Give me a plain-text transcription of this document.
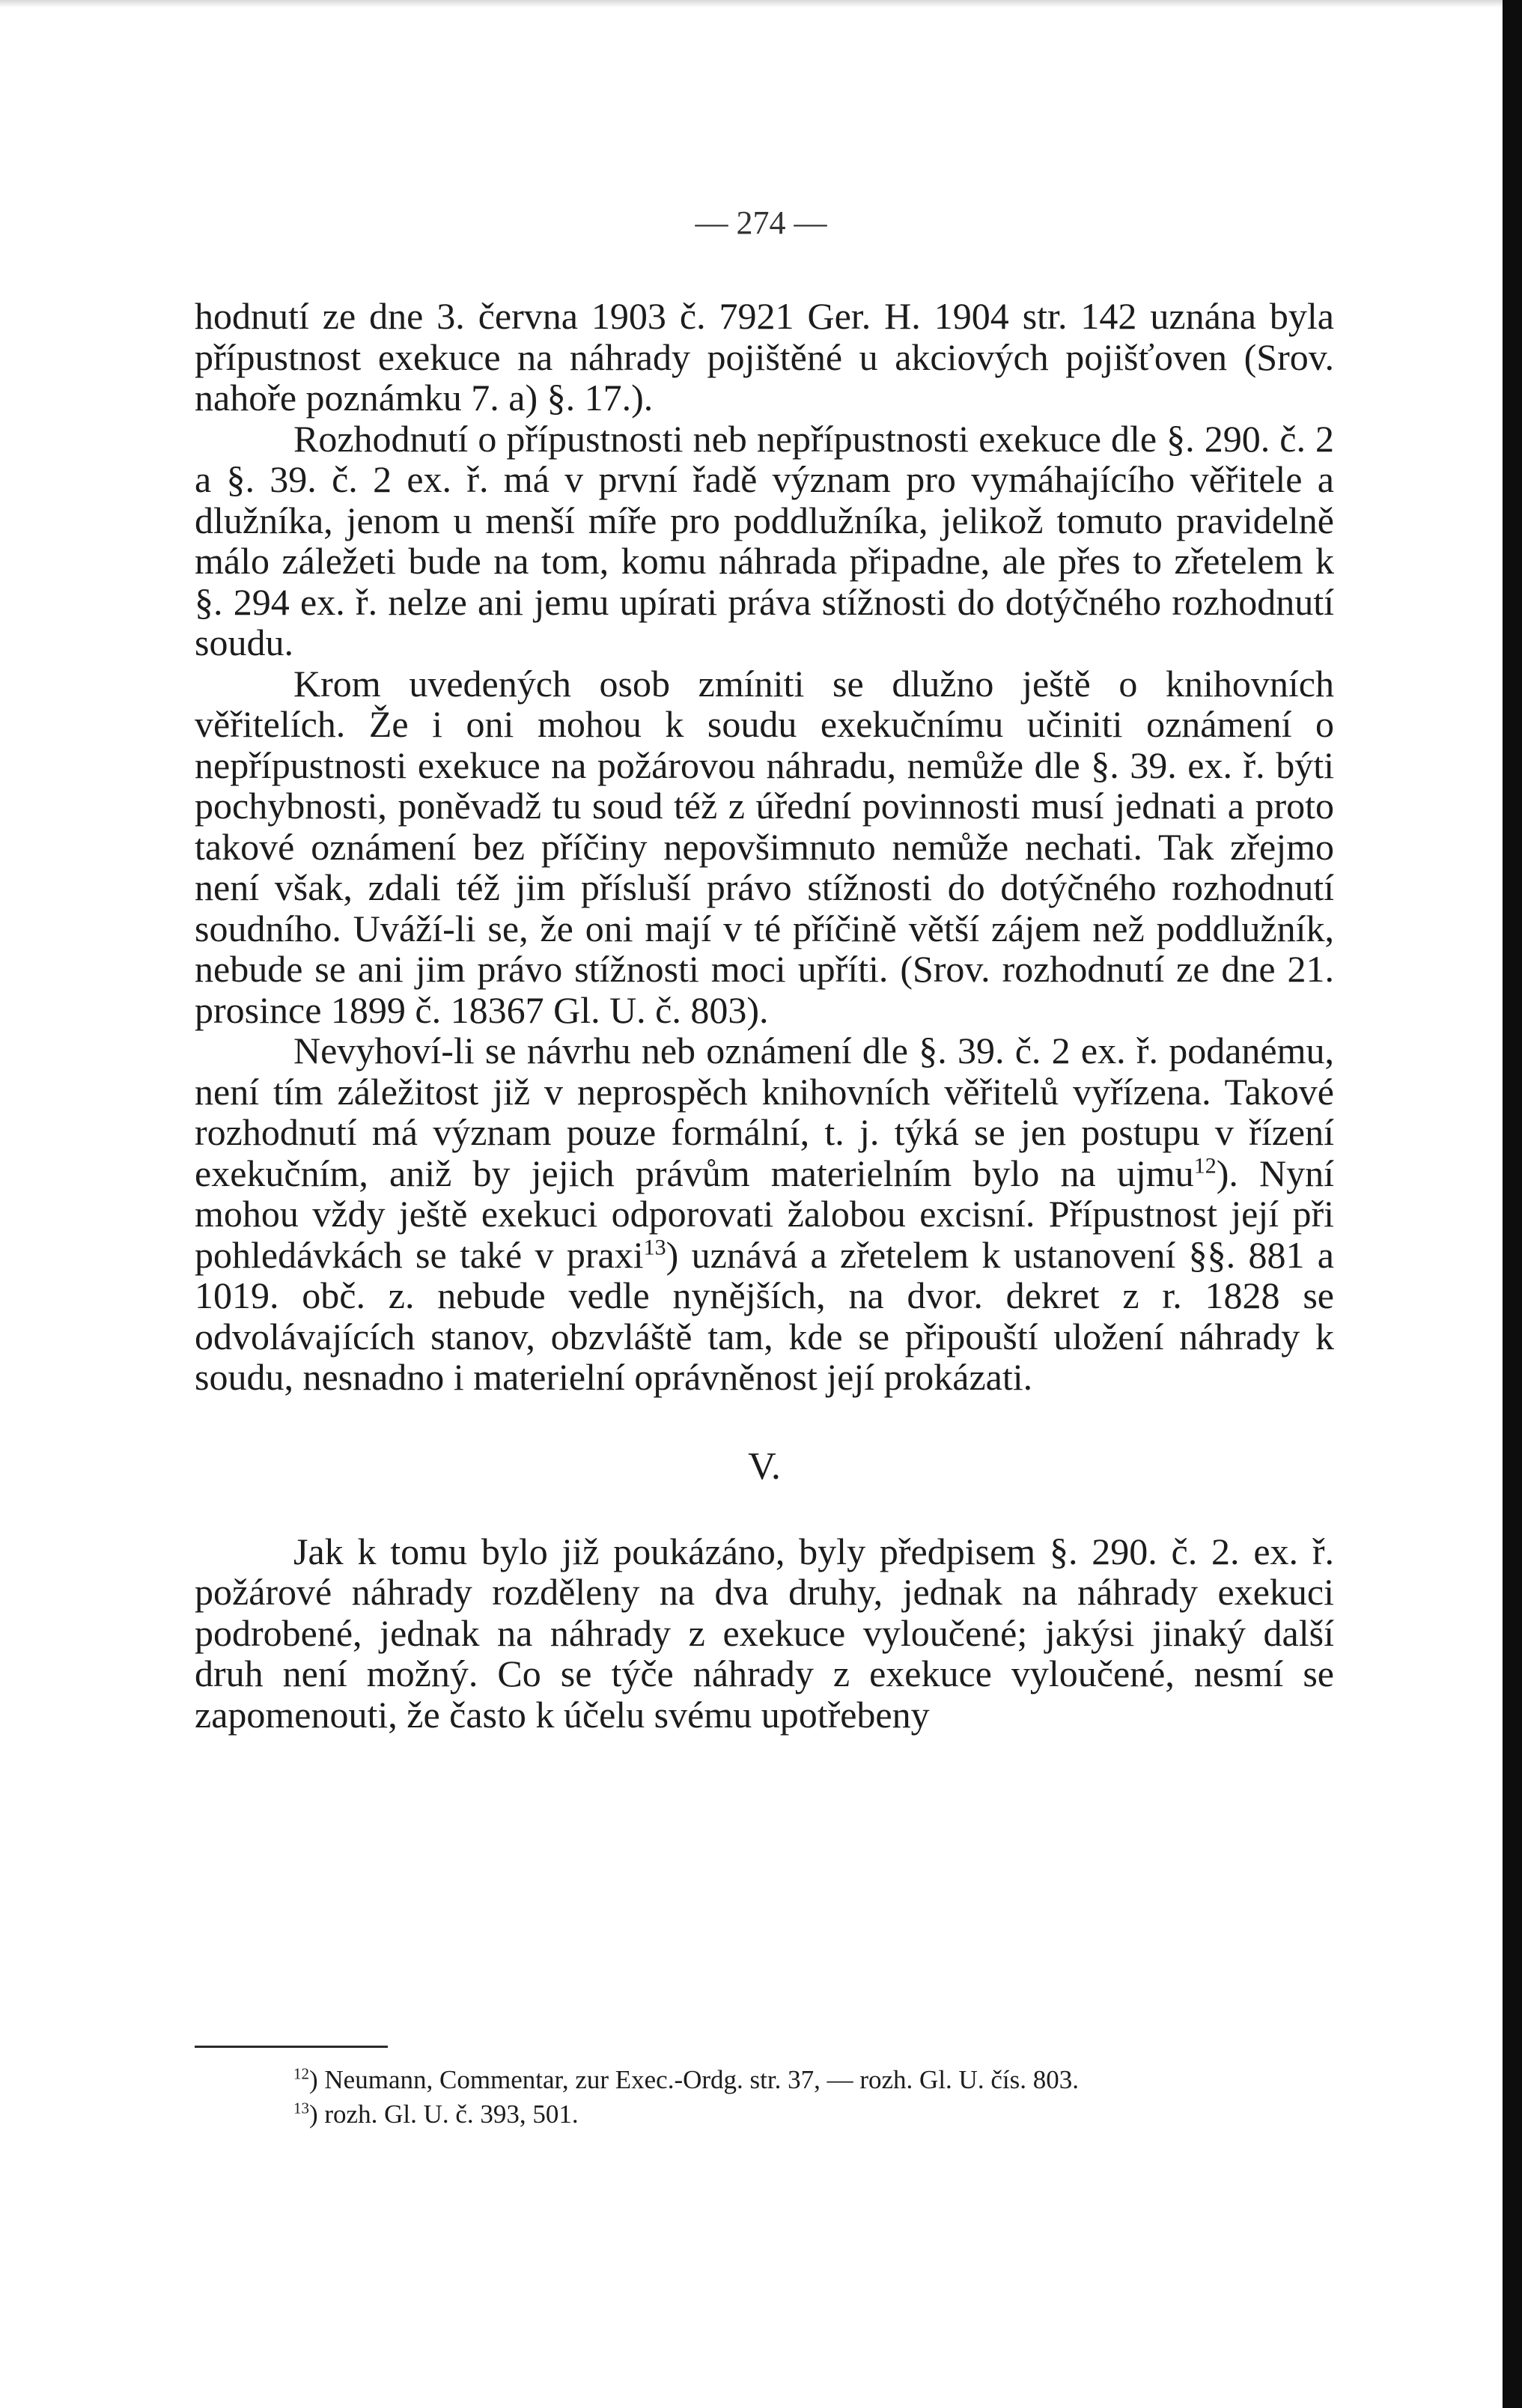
— 274 —

hodnutí ze dne 3. června 1903 č. 7921 Ger. H. 1904 str. 142 uznána byla přípustnost exekuce na náhrady pojištěné u akciových pojišťoven (Srov. nahoře poznámku 7. a) §. 17.).

Rozhodnutí o přípustnosti neb nepřípustnosti exekuce dle §. 290. č. 2 a §. 39. č. 2 ex. ř. má v první řadě význam pro vymáhajícího věřitele a dlužníka, jenom u menší míře pro poddlužníka, jelikož tomuto pravidelně málo záležeti bude na tom, komu náhrada připadne, ale přes to zřetelem k §. 294 ex. ř. nelze ani jemu upírati práva stížnosti do dotýčného rozhodnutí soudu.

Krom uvedených osob zmíniti se dlužno ještě o knihovních věřitelích. Že i oni mohou k soudu exekučnímu učiniti oznámení o nepřípustnosti exekuce na požárovou náhradu, nemůže dle §. 39. ex. ř. býti pochybnosti, poněvadž tu soud též z úřední povinnosti musí jednati a proto takové oznámení bez příčiny nepovšimnuto nemůže nechati. Tak zřejmo není však, zdali též jim přísluší právo stížnosti do dotýčného rozhodnutí soudního. Uváží-li se, že oni mají v té příčině větší zájem než poddlužník, nebude se ani jim právo stížnosti moci upříti. (Srov. rozhodnutí ze dne 21. prosince 1899 č. 18367 Gl. U. č. 803).

Nevyhoví-li se návrhu neb oznámení dle §. 39. č. 2 ex. ř. podanému, není tím záležitost již v neprospěch knihovních věřitelů vyřízena. Takové rozhodnutí má význam pouze formální, t. j. týká se jen postupu v řízení exekučním, aniž by jejich právům materielním bylo na ujmu$^{12}$). Nyní mohou vždy ještě exekuci odporovati žalobou excisní. Přípustnost její při pohledávkách se také v praxi$^{13}$) uznává a zřetelem k ustanovení §§. 881 a 1019. obč. z. nebude vedle nynějších, na dvor. dekret z r. 1828 se odvolávajících stanov, obzvláště tam, kde se připouští uložení náhrady k soudu, nesnadno i materielní oprávněnost její prokázati.

V.

Jak k tomu bylo již poukázáno, byly předpisem §. 290. č. 2. ex. ř. požárové náhrady rozděleny na dva druhy, jednak na náhrady exekuci podrobené, jednak na náhrady z exekuce vyloučené; jakýsi jinaký další druh není možný. Co se týče náhrady z exekuce vyloučené, nesmí se zapomenouti, že často k účelu svému upotřebeny

$^{12}$) Neumann, Commentar, zur Exec.-Ordg. str. 37, — rozh. Gl. U. čís. 803.

$^{13}$) rozh. Gl. U. č. 393, 501.
